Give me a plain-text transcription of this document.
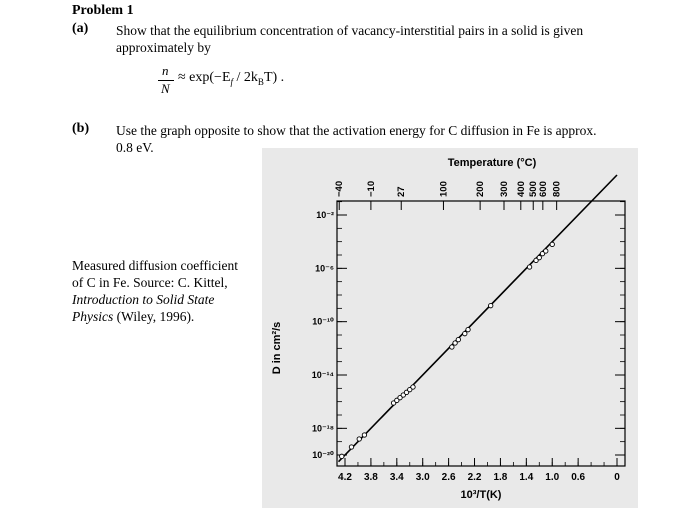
Problem 1
(a) Show that the equilibrium concentration of vacancy-interstitial pairs in a solid is given
approximately by
n
N
≈ $\exp(-E_f / 2k_BT)$ .
(b) Use the graph opposite to show that the activation energy for C diffusion in Fe is approx.
0.8 eV.
Measured diffusion coefficient
of C in Fe. Source: C. Kittel,
Introduction to Solid State
Physics (Wiley, 1996).
Temperature (°C)
D in cm²/s
10³/T(K)
4.2 3.8 3.4 3.0 2.6 2.2 1.8 1.4 1.0 0.6	0
10⁻²
10⁻⁶
10⁻¹⁰
10⁻¹⁴
10⁻¹⁸
10⁻²⁰
−40 −10 27	100	200 300 400 500
600 800
